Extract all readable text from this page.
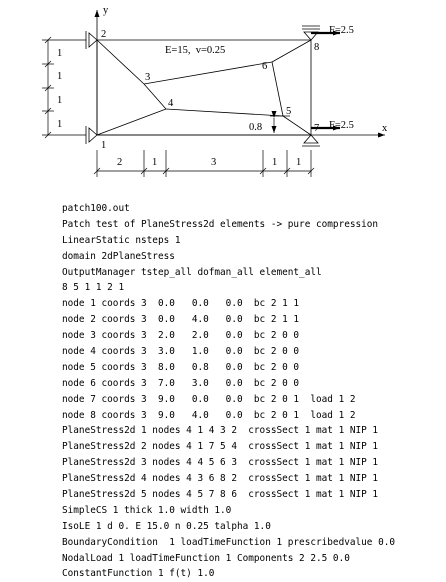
y
x
F=2.5
F=2.5
E=15,  v=0.25
1
2
3
4
5
6
7
8
0.8
1
1
1
1
2	1	3	1 1
patch100.out
Patch test of PlaneStress2d elements -> pure compression
LinearStatic nsteps 1
domain 2dPlaneStress
OutputManager tstep_all dofman_all element_all
8 5 1 1 2 1
node 1 coords 3  0.0   0.0   0.0  bc 2 1 1
node 2 coords 3  0.0   4.0   0.0  bc 2 1 1
node 3 coords 3  2.0   2.0   0.0  bc 2 0 0
node 4 coords 3  3.0   1.0   0.0  bc 2 0 0
node 5 coords 3  8.0   0.8   0.0  bc 2 0 0
node 6 coords 3  7.0   3.0   0.0  bc 2 0 0
node 7 coords 3  9.0   0.0   0.0  bc 2 0 1  load 1 2
node 8 coords 3  9.0   4.0   0.0  bc 2 0 1  load 1 2
PlaneStress2d 1 nodes 4 1 4 3 2  crossSect 1 mat 1 NIP 1
PlaneStress2d 2 nodes 4 1 7 5 4  crossSect 1 mat 1 NIP 1
PlaneStress2d 3 nodes 4 4 5 6 3  crossSect 1 mat 1 NIP 1
PlaneStress2d 4 nodes 4 3 6 8 2  crossSect 1 mat 1 NIP 1
PlaneStress2d 5 nodes 4 5 7 8 6  crossSect 1 mat 1 NIP 1
SimpleCS 1 thick 1.0 width 1.0
IsoLE 1 d 0. E 15.0 n 0.25 talpha 1.0
BoundaryCondition  1 loadTimeFunction 1 prescribedvalue 0.0
NodalLoad 1 loadTimeFunction 1 Components 2 2.5 0.0
ConstantFunction 1 f(t) 1.0
